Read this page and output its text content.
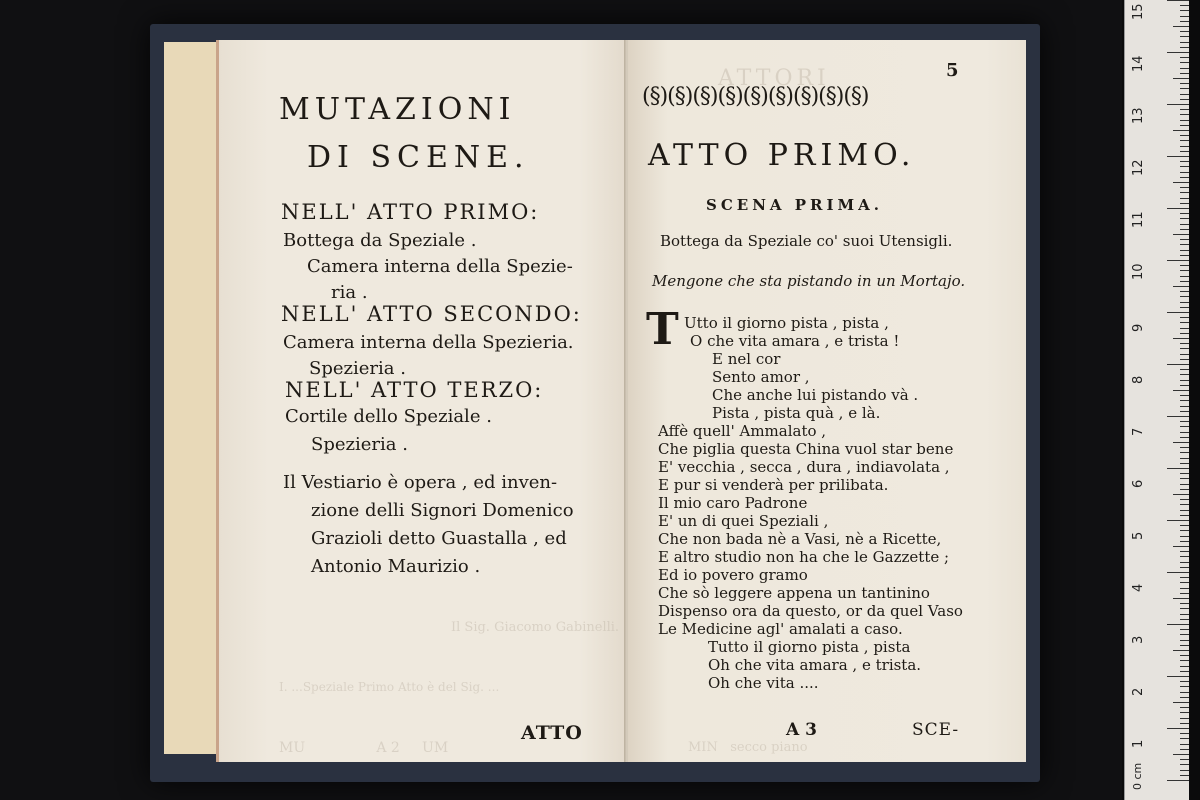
Il Sig. Giacomo Gabinelli.
I. ...Speziale Primo Atto è del Sig. ...
MU                A 2     UM
MUTAZIONI
DI SCENE.
NELL' ATTO PRIMO:
Bottega da Speziale .
Camera interna della Spezie-
ria .
NELL' ATTO SECONDO:
Camera interna della Spezieria.
Spezieria .
NELL' ATTO TERZO:
Cortile dello Speziale .
Spezieria .
Il Vestiario è opera , ed inven-
zione delli Signori Domenico
Grazioli detto Guastalla , ed
Antonio Maurizio .
ATTO
ATTORI
MIN   secco piano
5
(§)(§)(§)(§)(§)(§)(§)(§)(§)
ATTO PRIMO.
SCENA PRIMA.
Bottega da Speziale co' suoi Utensigli.
Mengone che sta pistando in un Mortajo.
T Utto il giorno pista , pista ,
O che vita amara , e trista !
E nel cor
Sento amor ,
Che anche lui pistando và .
Pista , pista quà , e là.
Affè quell' Ammalato ,
Che piglia questa China vuol star bene
E' vecchia , secca , dura , indiavolata ,
E pur si venderà per prilibata.
Il mio caro Padrone
E' un di quei Speziali ,
Che non bada nè a Vasi, nè a Ricette,
E altro studio non ha che le Gazzette ;
Ed io povero gramo
Che sò leggere appena un tantinino
Dispenso ora da questo, or da quel Vaso
Le Medicine agl' amalati a caso.
Tutto il giorno pista , pista
Oh che vita amara , e trista.
Oh che vita ....
A 3	SCE-
0 cm
1
2
3
4
5
6
7
8
9
10
11
12
13
14
15
